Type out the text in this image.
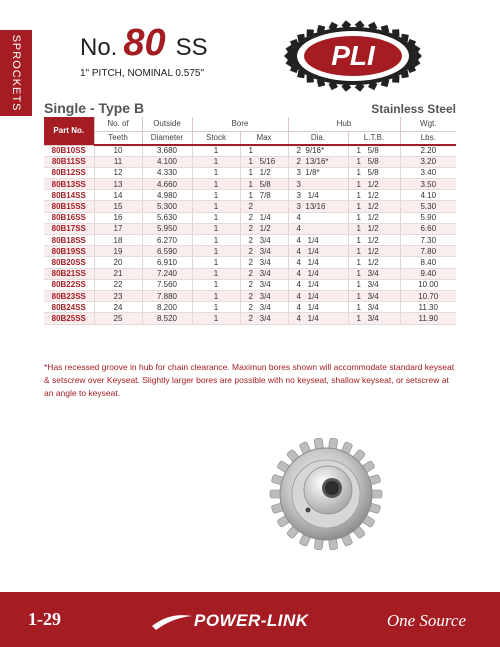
SPROCKETS No. 80 SS
1" PITCH, NOMINAL 0.575"
PLI
Single - Type B	Stainless Steel
Part No.	No. of	Outside	Bore		Hub		Wgt.
	Teeth	Diameter	Stock	Max	Dia.	L.T.B.	Lbs.
80B10SS	10	3.680	1	1	2  9/16*	1   5/8	2.20
80B11SS	11	4.100	1	1   5/16	2  13/16*	1   5/8	3.20
80B12SS	12	4.330	1	1   1/2	3  1/8*	1   5/8	3.40
80B13SS	13	4.660	1	1   5/8	3	1   1/2	3.50
80B14SS	14	4.980	1	1   7/8	3   1/4	1   1/2	4.10
80B15SS	15	5.300	1	2	3  13/16	1   1/2	5.30
80B16SS	16	5.630	1	2   1/4	4	1   1/2	5.90
80B17SS	17	5.950	1	2   1/2	4	1   1/2	6.60
80B18SS	18	6.270	1	2   3/4	4   1/4	1   1/2	7.30
80B19SS	19	6.590	1	2   3/4	4   1/4	1   1/2	7.80
80B20SS	20	6.910	1	2   3/4	4   1/4	1   1/2	8.40
80B21SS	21	7.240	1	2   3/4	4   1/4	1   3/4	9.40
80B22SS	22	7.560	1	2   3/4	4   1/4	1   3/4	10.00
80B23SS	23	7.880	1	2   3/4	4   1/4	1   3/4	10.70
80B24SS	24	8.200	1	2   3/4	4   1/4	1   3/4	11.30
80B25SS	25	8.520	1	2   3/4	4   1/4	1   3/4	11.90
*Has recessed groove in hub for chain clearance. Maximun bores shown will accommodate standard keyseat & setscrew over Keyseat. Slightly larger bores are possible with no keyseat, shallow keyseat, or setscrew at an angle to keyseat.
1-29	POWER-LINK	One Source
